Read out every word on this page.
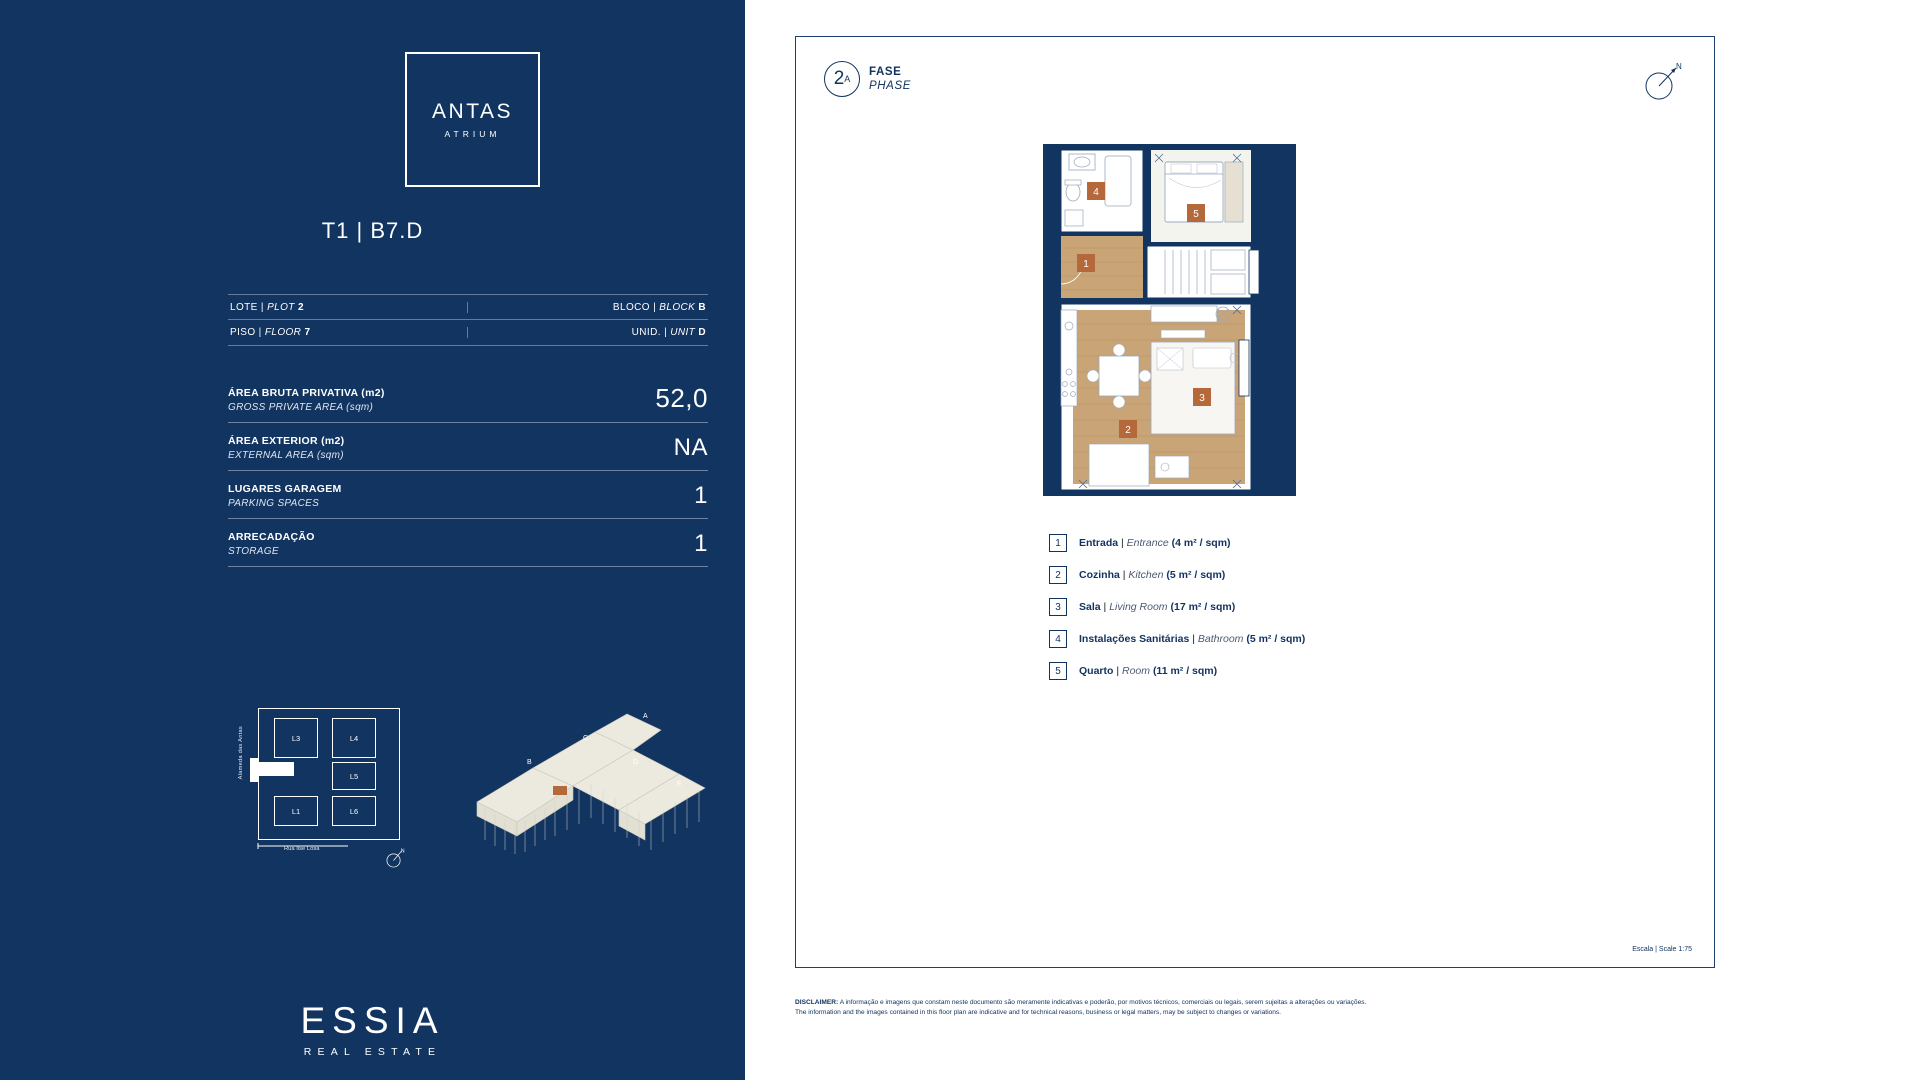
ANTAS
ATRIUM
T1 | B7.D
LOTE | PLOT 2	BLOCO | BLOCK B
PISO | FLOOR 7	UNID. | UNIT D
ÁREA BRUTA PRIVATIVA (m2)
GROSS PRIVATE AREA (sqm)	52,0
ÁREA EXTERIOR (m2)
EXTERNAL AREA (sqm)	NA
LUGARES GARAGEM
PARKING SPACES	1
ARRECADAÇÃO
STORAGE	1
L3	L4
L5
L1	L6
Alameda das Antas
Rua Ilse Losa	N
B
C
A
D
E
ESSIA
REAL ESTATE
2 A
FASE
PHASE
N
1
2
3
4
5
1	Entrada | Entrance (4 m² / sqm)
2	Cozinha | Kitchen (5 m² / sqm)
3	Sala | Living Room (17 m² / sqm)
4	Instalações Sanitárias | Bathroom (5 m² / sqm)
5	Quarto | Room (11 m² / sqm)
Escala | Scale 1:75
DISCLAIMER: A informação e imagens que constam neste documento são meramente indicativas e poderão, por motivos técnicos, comerciais ou legais, serem sujeitas a alterações ou variações.
The information and the images contained in this floor plan are indicative and for technical reasons, business or legal matters, may be subject to changes or variations.
